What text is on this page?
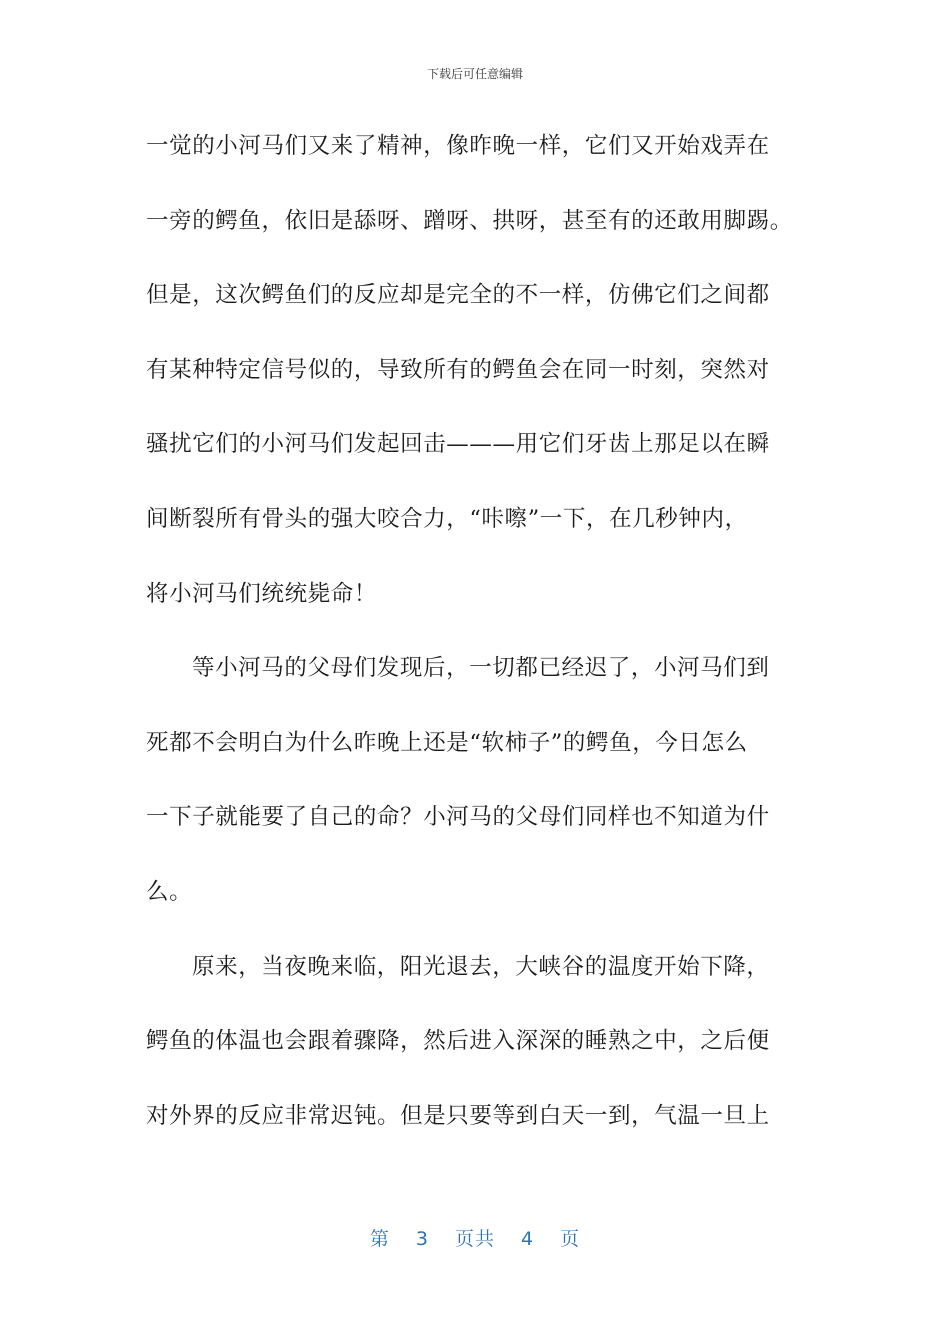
下载后可任意编辑
一觉的小河马们又来了精神，像昨晚一样，它们又开始戏弄在
一旁的鳄鱼，依旧是舔呀、蹭呀、拱呀，甚至有的还敢用脚踢。
但是，这次鳄鱼们的反应却是完全的不一样，仿佛它们之间都
有某种特定信号似的，导致所有的鳄鱼会在同一时刻，突然对
骚扰它们的小河马们发起回击———用它们牙齿上那足以在瞬
间断裂所有骨头的强大咬合力，“咔嚓”一下，在几秒钟内，
将小河马们统统毙命！
等小河马的父母们发现后，一切都已经迟了，小河马们到
死都不会明白为什么昨晚上还是“软柿子”的鳄鱼，今日怎么
一下子就能要了自己的命？小河马的父母们同样也不知道为什
么。
原来，当夜晚来临，阳光退去，大峡谷的温度开始下降，
鳄鱼的体温也会跟着骤降，然后进入深深的睡熟之中，之后便
对外界的反应非常迟钝。但是只要等到白天一到，气温一旦上
第 3 页共 4 页
